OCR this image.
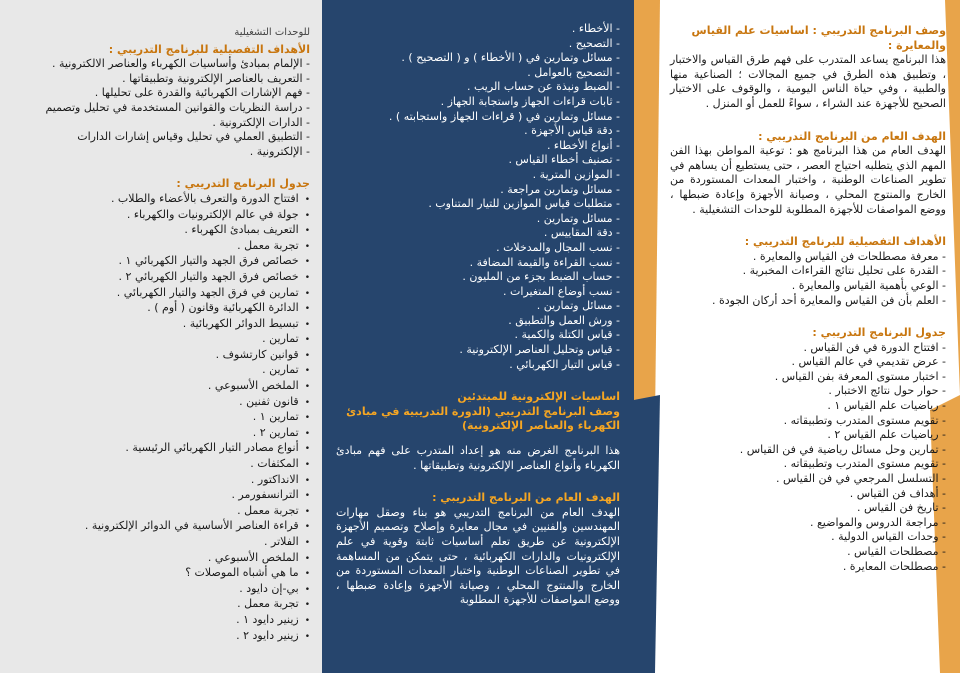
للوحدات التشغيلية
الأهداف التفصيلية للبرنامج التدريبي :
- الإلمام بمبادئ وأساسيات الكهرباء والعناصر الالكترونية .
- التعريف بالعناصر الإلكترونية وتطبيقاتها .
- فهم الإشارات الكهربائية والقدرة على تحليلها .
- دراسة النظريات والقوانين المستخدمة في تحليل وتصميم
- الدارات الإلكترونية .
- التطبيق العملي في تحليل وقياس إشارات الدارات
- الإلكترونية .
جدول البرنامج التدريبي :
• افتتاح الدورة والتعرف بالأعضاء والطلاب .
• جولة في عالم الإلكترونيات والكهرباء .
• التعريف بمبادئ الكهرباء .
• تجربة معمل .
• خصائص فرق الجهد والتيار الكهربائي ١ .
• خصائص فرق الجهد والتيار الكهربائي ٢ .
• تمارين في فرق الجهد والتيار الكهربائي .
• الدائرة الكهربائية وقانون ( أوم ) .
• تبسيط الدوائر الكهربائية .
• تمارين .
• قوانين كارتشوف .
• تمارين .
• الملخص الأسبوعي .
• قانون ثفنين .
• تمارين ١ .
• تمارين ٢ .
• أنواع مصادر التيار الكهربائي الرئيسية .
• المكثفات .
• الانداكتور .
• الترانسفورمر .
• تجربة معمل .
• قراءة العناصر الأساسية في الدوائر الإلكترونية .
• الفلاتر .
• الملخص الأسبوعي .
• ما هي أشباه الموصلات ؟
• بي-إن دايود .
• تجربة معمل .
• زينير دايود ١ .
• زينير دايود ٢ .
- الأخطاء .
- التصحيح .
- مسائل وتمارين في ( الأخطاء ) و ( التصحيح ) .
- التصحيح بالعوامل .
- الضبط ونبذة عن حساب الريب .
- ثابات قراءات الجهاز واستجابة الجهاز .
- مسائل وتمارين في ( قراءات الجهاز واستجابته ) .
- دقة قياس الأجهزة .
- أنواع الأخطاء .
- تصنيف أخطاء القياس .
- الموازين المترية .
- مسائل وتمارين مراجعة .
- متطلبات قياس الموازين للتيار المتناوب .
- مسائل وتمارين .
- دقة المقاييس .
- نسب المجال والمدخلات .
- نسب القراءة والقيمة المضافة .
- حساب الضبط بجزء من المليون .
- نسب أوضاع المتغيرات .
- مسائل وتمارين .
- ورش العمل والتطبيق .
- قياس الكتلة والكمية .
- قياس وتحليل العناصر الإلكترونية .
- قياس التيار الكهربائي .
اساسيات الإلكترونية للمبتدئين
وصف البرنامج التدريبي (الدورة التدريبية في مبادئ الكهرباء والعناصر الإلكترونية)
هذا البرنامج الغرض منه هو إعداد المتدرب على فهم مبادئ الكهرباء وأنواع العناصر الإلكترونية وتطبيقاتها .
الهدف العام من البرنامج التدريبي :
الهدف العام من البرنامج التدريبي هو بناء وصقل مهارات المهندسين والفنيين في مجال معايرة وإصلاح وتصميم الأجهزة الإلكترونية عن طريق تعلم أساسيات ثابتة وقوية في علم الإلكترونيات والدارات الكهربائية ، حتى يتمكن من المساهمة في تطوير الصناعات الوطنية واختبار المعدات المستوردة من الخارج والمنتوج المحلي ، وصيانة الأجهزة وإعادة ضبطها ، ووضع المواصفات للأجهزة المطلوبة
وصف البرنامج التدريبي : اساسيات علم القياس والمعايرة :
هذا البرنامج يساعد المتدرب على فهم طرق القياس والاختبار ، وتطبيق هذه الطرق في جميع المجالات ؛ الصناعية منها والطبية ، وفي حياة الناس اليومية ، والوقوف على الاختيار الصحيح للأجهزة عند الشراء ، سواءً للعمل أو المنزل .
الهدف العام من البرنامج التدريبي :
الهدف العام من هذا البرنامج هو : توعية المواطن بهذا الفن المهم الذي يتطلبه احتياج العصر ، حتى يستطيع أن يساهم في تطوير الصناعات الوطنية ، واختبار المعدات المستوردة من الخارج والمنتوج المحلي ، وصيانة الأجهزة وإعادة ضبطها ، ووضع المواصفات للأجهزة المطلوبة للوحدات التشغيلية .
الأهداف التفصيلية للبرنامج التدريبي :
- معرفة مصطلحات فن القياس والمعايرة .
- القدرة على تحليل نتائج القراءات المخبرية .
- الوعي بأهمية القياس والمعايرة .
- العلم بأن فن القياس والمعايرة أحد أركان الجودة .
جدول البرنامج التدريبي :
- افتتاح الدورة في فن القياس .
- عرض تقديمي في عالم القياس .
- اختبار مستوى المعرفة بفن القياس .
- حوار حول نتائج الاختبار .
- رياضيات علم القياس ١ .
- تقويم مستوى المتدرب وتطبيقاته .
- رياضيات علم القياس ٢ .
- تمارين وحل مسائل رياضية في فن القياس .
- تقويم مستوى المتدرب وتطبيقاته .
- التسلسل المرجعي في فن القياس .
- أهداف فن القياس .
- تاريخ فن القياس .
- مراجعة الدروس والمواضيع .
- وحدات القياس الدولية .
- مصطلحات القياس .
- مصطلحات المعايرة .
